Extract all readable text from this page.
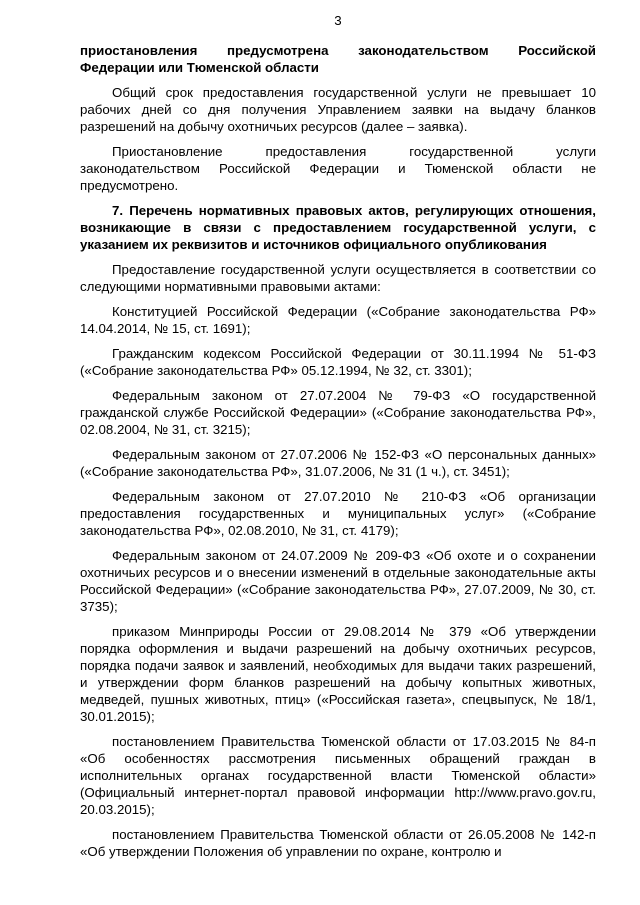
3

приостановления предусмотрена законодательством Российской Федерации или Тюменской области

Общий срок предоставления государственной услуги не превышает 10 рабочих дней со дня получения Управлением заявки на выдачу бланков разрешений на добычу охотничьих ресурсов (далее – заявка).

Приостановление предоставления государственной услуги законодательством Российской Федерации и Тюменской области не предусмотрено.

7. Перечень нормативных правовых актов, регулирующих отношения, возникающие в связи с предоставлением государственной услуги, с указанием их реквизитов и источников официального опубликования

Предоставление государственной услуги осуществляется в соответствии со следующими нормативными правовыми актами:

Конституцией Российской Федерации («Собрание законодательства РФ» 14.04.2014, № 15, ст. 1691);

Гражданским кодексом Российской Федерации от 30.11.1994 № 51-ФЗ («Собрание законодательства РФ» 05.12.1994, № 32, ст. 3301);

Федеральным законом от 27.07.2004 № 79-ФЗ «О государственной гражданской службе Российской Федерации» («Собрание законодательства РФ», 02.08.2004, № 31, ст. 3215);

Федеральным законом от 27.07.2006 № 152-ФЗ «О персональных данных» («Собрание законодательства РФ», 31.07.2006, № 31 (1 ч.), ст. 3451);

Федеральным законом от 27.07.2010 № 210-ФЗ «Об организации предоставления государственных и муниципальных услуг» («Собрание законодательства РФ», 02.08.2010, № 31, ст. 4179);

Федеральным законом от 24.07.2009 № 209-ФЗ «Об охоте и о сохранении охотничьих ресурсов и о внесении изменений в отдельные законодательные акты Российской Федерации» («Собрание законодательства РФ», 27.07.2009, № 30, ст. 3735);

приказом Минприроды России от 29.08.2014 № 379 «Об утверждении порядка оформления и выдачи разрешений на добычу охотничьих ресурсов, порядка подачи заявок и заявлений, необходимых для выдачи таких разрешений, и утверждении форм бланков разрешений на добычу копытных животных, медведей, пушных животных, птиц» («Российская газета», спецвыпуск, № 18/1, 30.01.2015);

постановлением Правительства Тюменской области от 17.03.2015 № 84-п «Об особенностях рассмотрения письменных обращений граждан в исполнительных органах государственной власти Тюменской области» (Официальный интернет-портал правовой информации http://www.pravo.gov.ru, 20.03.2015);

постановлением Правительства Тюменской области от 26.05.2008 № 142-п «Об утверждении Положения об управлении по охране, контролю и
